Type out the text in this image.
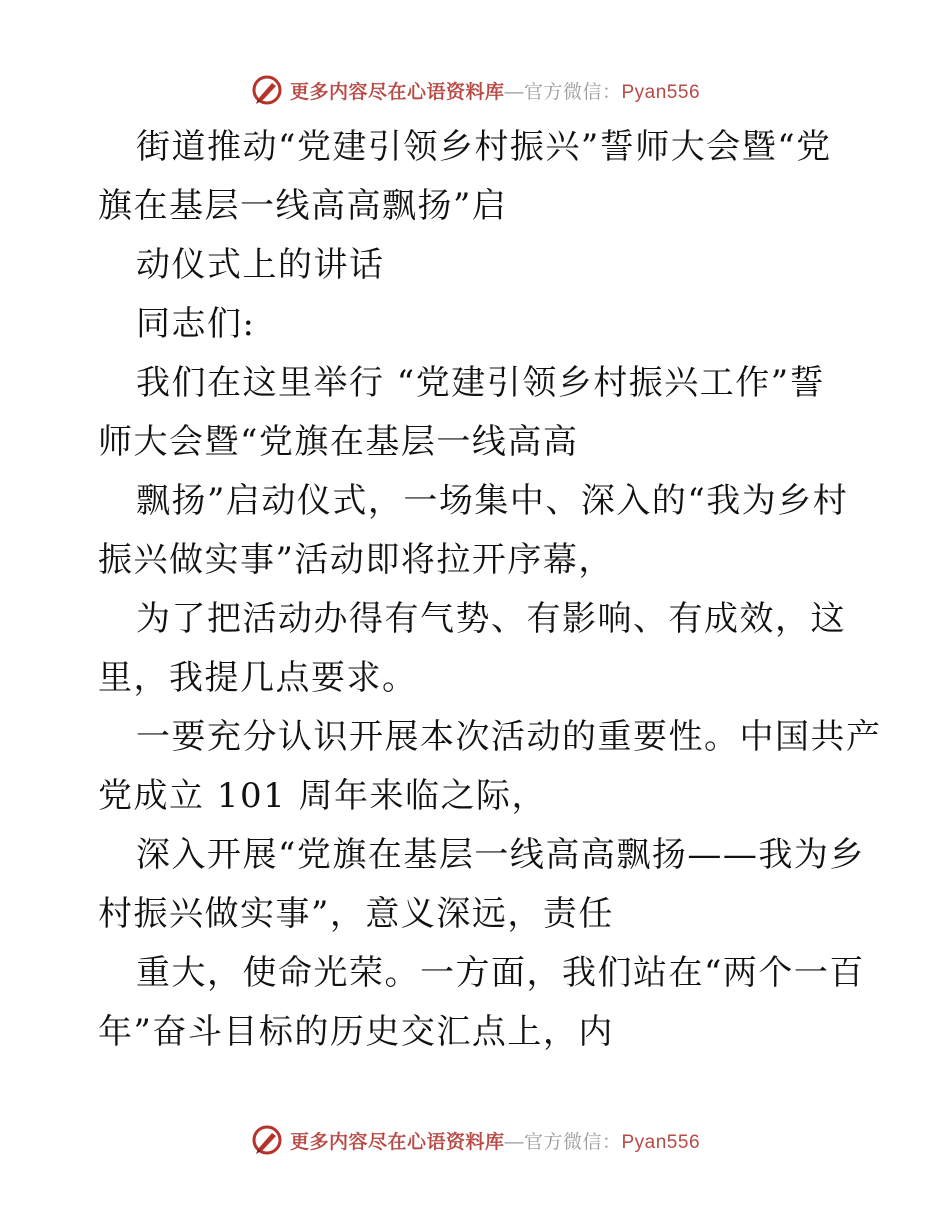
更多内容尽在心语资料库—官方微信：Pyan556
街道推动“党建引领乡村振兴”誓师大会暨“党
旗在基层一线高高飘扬”启
动仪式上的讲话
同志们:
我们在这里举行 “党建引领乡村振兴工作”誓
师大会暨“党旗在基层一线高高
飘扬”启动仪式，一场集中、深入的“我为乡村
振兴做实事”活动即将拉开序幕，
为了把活动办得有气势、有影响、有成效，这
里，我提几点要求。
一要充分认识开展本次活动的重要性。中国共产
党成立 101 周年来临之际，
深入开展“党旗在基层一线高高飘扬——我为乡
村振兴做实事”，意义深远，责任
重大，使命光荣。一方面，我们站在“两个一百
年”奋斗目标的历史交汇点上，内
更多内容尽在心语资料库—官方微信：Pyan556
